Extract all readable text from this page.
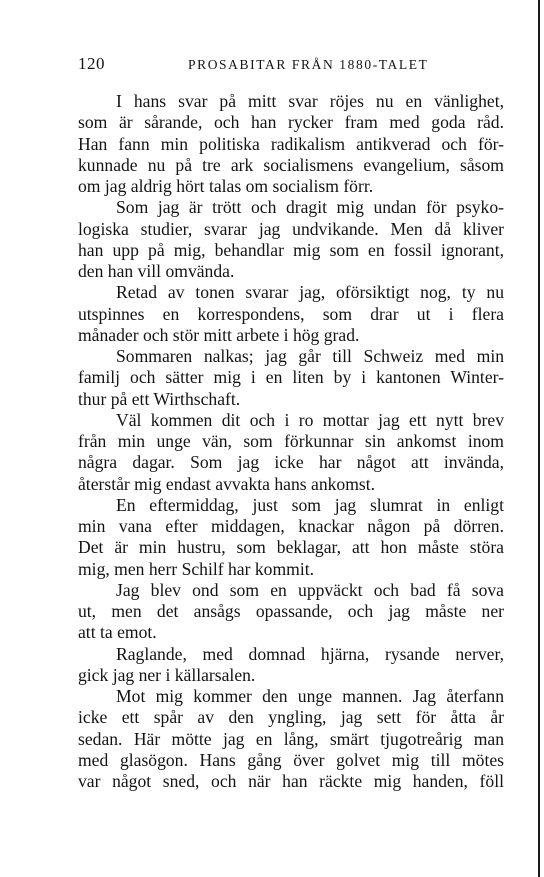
120	PROSABITAR FRÅN 1880-TALET
I hans svar på mitt svar röjes nu en vänlighet,
som är sårande, och han rycker fram med goda råd.
Han fann min politiska radikalism antikverad och för-
kunnade nu på tre ark socialismens evangelium, såsom
om jag aldrig hört talas om socialism förr.
Som jag är trött och dragit mig undan för psyko-
logiska studier, svarar jag undvikande. Men då kliver
han upp på mig, behandlar mig som en fossil ignorant,
den han vill omvända.
Retad av tonen svarar jag, oförsiktigt nog, ty nu
utspinnes en korrespondens, som drar ut i flera
månader och stör mitt arbete i hög grad.
Sommaren nalkas; jag går till Schweiz med min
familj och sätter mig i en liten by i kantonen Winter-
thur på ett Wirthschaft.
Väl kommen dit och i ro mottar jag ett nytt brev
från min unge vän, som förkunnar sin ankomst inom
några dagar. Som jag icke har något att invända,
återstår mig endast avvakta hans ankomst.
En eftermiddag, just som jag slumrat in enligt
min vana efter middagen, knackar någon på dörren.
Det är min hustru, som beklagar, att hon måste störa
mig, men herr Schilf har kommit.
Jag blev ond som en uppväckt och bad få sova
ut, men det ansågs opassande, och jag måste ner
att ta emot.
Raglande, med domnad hjärna, rysande nerver,
gick jag ner i källarsalen.
Mot mig kommer den unge mannen. Jag återfann
icke ett spår av den yngling, jag sett för åtta år
sedan. Här mötte jag en lång, smärt tjugotreårig man
med glasögon. Hans gång över golvet mig till mötes
var något sned, och när han räckte mig handen, föll
